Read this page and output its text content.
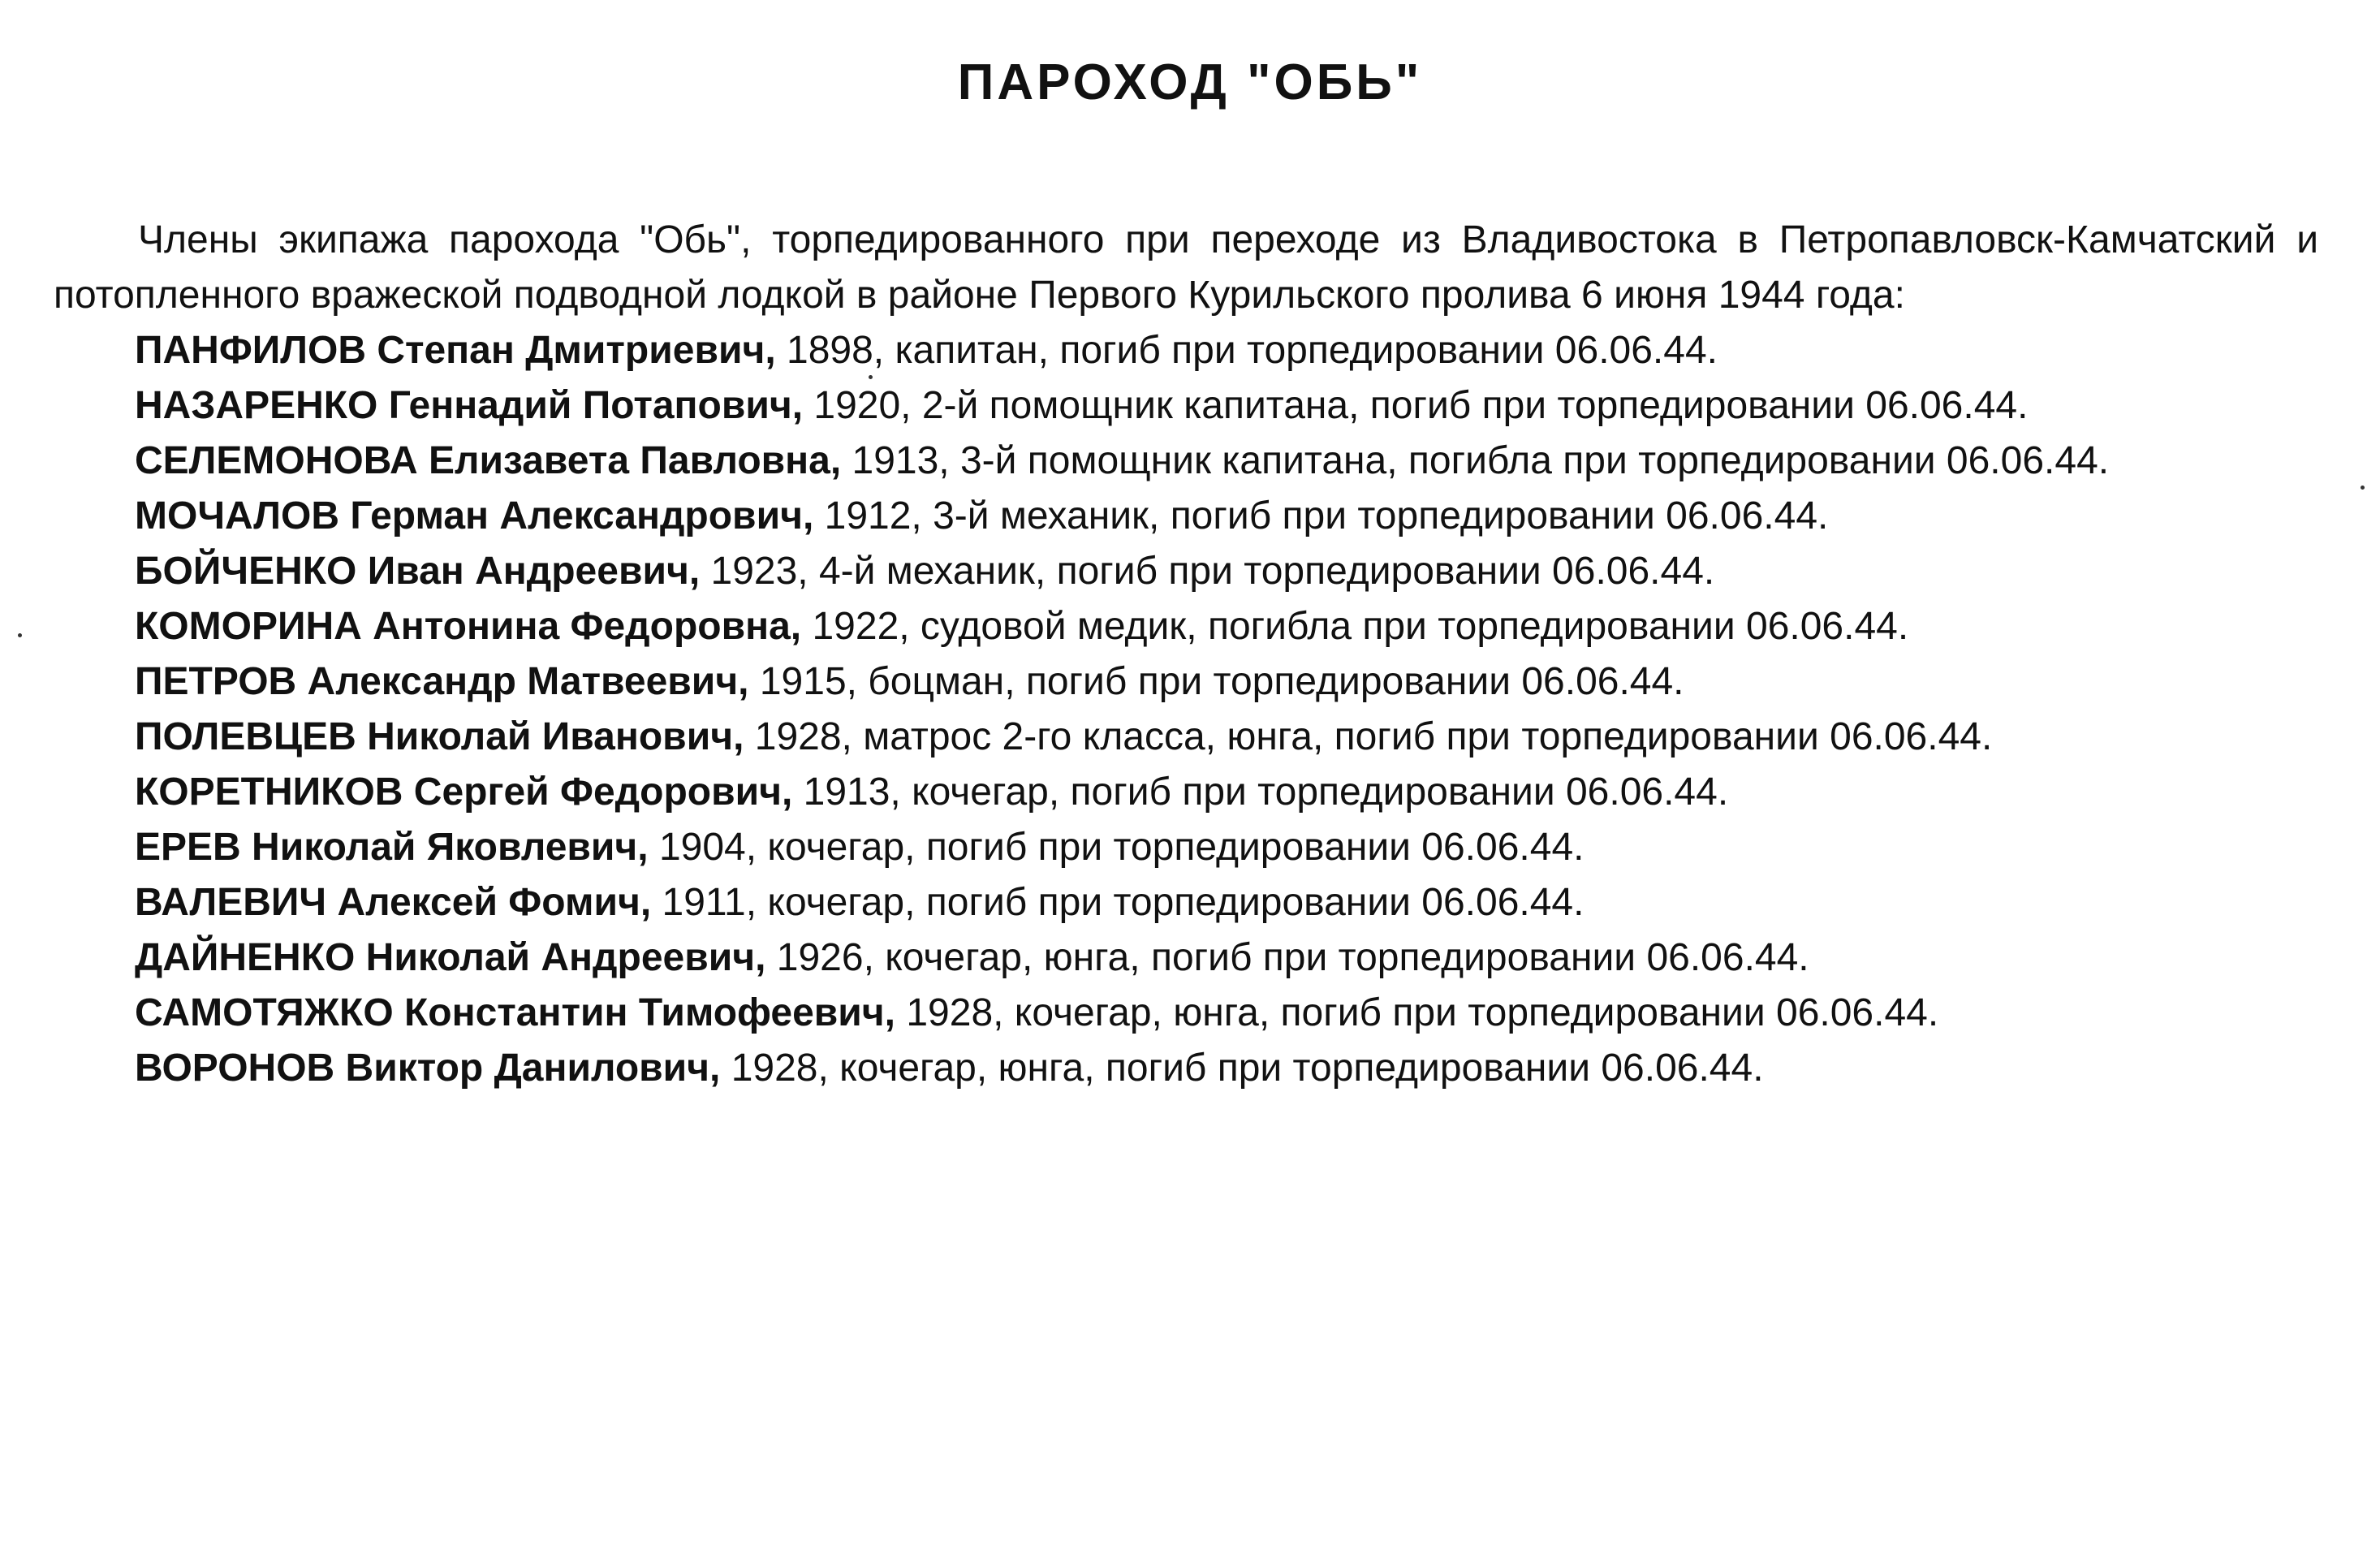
ПАРОХОД "ОБЬ"

Члены экипажа парохода "Обь", торпедированного при переходе из Владивостока в Петропавловск-Камчатский и потопленного вражеской подводной лодкой в районе Первого Курильского пролива 6 июня 1944 года:

ПАНФИЛОВ Степан Дмитриевич, 1898, капитан, погиб при торпедировании 06.06.44.

НАЗАРЕНКО Геннадий Потапович, 1920, 2-й помощник капитана, погиб при торпедировании 06.06.44.

СЕЛЕМОНОВА Елизавета Павловна, 1913, 3-й помощник капитана, погибла при торпедировании 06.06.44.

МОЧАЛОВ Герман Александрович, 1912, 3-й механик, погиб при торпедировании 06.06.44.

БОЙЧЕНКО Иван Андреевич, 1923, 4-й механик, погиб при торпедировании 06.06.44.

КОМОРИНА Антонина Федоровна, 1922, судовой медик, погибла при торпедировании 06.06.44.

ПЕТРОВ Александр Матвеевич, 1915, боцман, погиб при торпедировании 06.06.44.

ПОЛЕВЦЕВ Николай Иванович, 1928, матрос 2-го класса, юнга, погиб при торпедировании 06.06.44.

КОРЕТНИКОВ Сергей Федорович, 1913, кочегар, погиб при торпедировании 06.06.44.

ЕРЕВ Николай Яковлевич, 1904, кочегар, погиб при торпедировании 06.06.44.

ВАЛЕВИЧ Алексей Фомич, 1911, кочегар, погиб при торпедировании 06.06.44.

ДАЙНЕНКО Николай Андреевич, 1926, кочегар, юнга, погиб при торпедировании 06.06.44.

САМОТЯЖКО Константин Тимофеевич, 1928, кочегар, юнга, погиб при торпедировании 06.06.44.

ВОРОНОВ Виктор Данилович, 1928, кочегар, юнга, погиб при торпедировании 06.06.44.
